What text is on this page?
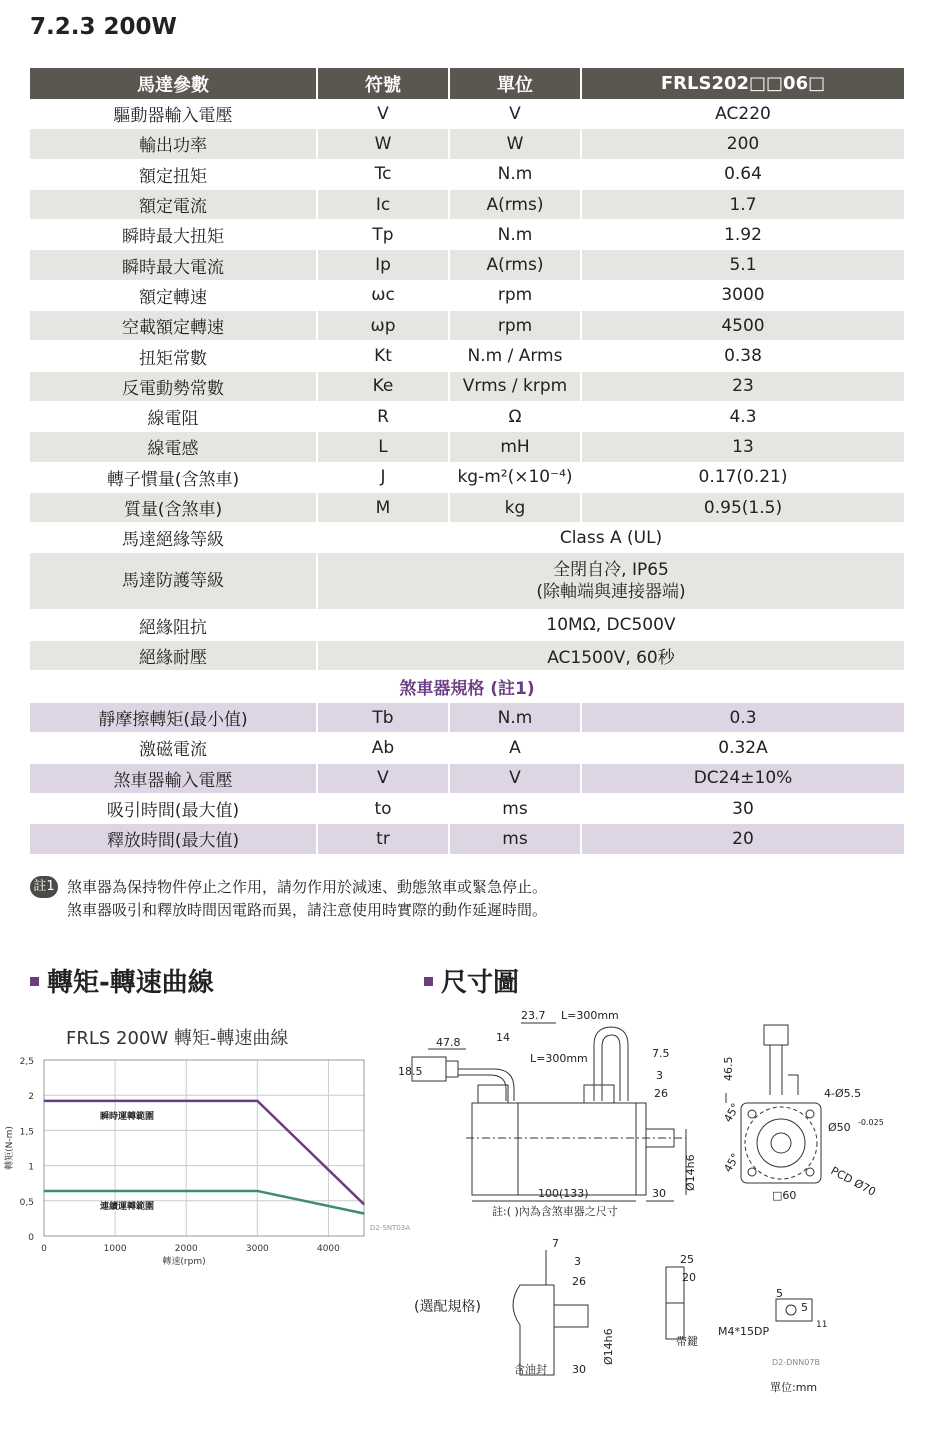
7.2.3 200W
馬達參數	符號	單位	FRLS202□□06□
驅動器輸入電壓	V	V	AC220
輸出功率	W	W	200
額定扭矩	Tc	N.m	0.64
額定電流	Ic	A(rms)	1.7
瞬時最大扭矩	Tp	N.m	1.92
瞬時最大電流	Ip	A(rms)	5.1
額定轉速	ωc	rpm	3000
空載額定轉速	ωp	rpm	4500
扭矩常數	Kt	N.m / Arms	0.38
反電動勢常數	Ke	Vrms / krpm	23
線電阻	R	Ω	4.3
線電感	L	mH	13
轉子慣量(含煞車)	J	kg-m²(×10⁻⁴)	0.17(0.21)
質量(含煞車)	M	kg	0.95(1.5)
馬達絕緣等級	Class A (UL)		
馬達防護等級	全閉自冷, IP65
(除軸端與連接器端)		

絕緣阻抗	10MΩ, DC500V		
絕緣耐壓	AC1500V, 60秒		
煞車器規格 (註1)			
靜摩擦轉矩(最小值)	Tb	N.m	0.3
激磁電流	Ab	A	0.32A
煞車器輸入電壓	V	V	DC24±10%
吸引時間(最大值)	to	ms	30
釋放時間(最大值)	tr	ms	20
註1 煞車器為保持物件停止之作用，請勿作用於減速、動態煞車或緊急停止。
煞車器吸引和釋放時間因電路而異，請注意使用時實際的動作延遲時間。
轉矩-轉速曲線	尺寸圖
FRLS 200W 轉矩-轉速曲線
0
0,5
1
1,5
2
2,5
0	1000	2000	3000	4000
瞬時運轉範圍
連續運轉範圍
轉速(rpm)
轉矩(N-m)
D2-SNT03A
23.7 L=300mm
L=300mm
47.8	14
18.5
7.5
3
26
100(133)	30
Ø14h6
註:( )內為含煞車器之尺寸
46.5
4-Ø5.5
Ø50 -0.025
PCD Ø70
□60
45°
45°
(選配規格)
7
3
26
Ø14h6
含油封 30
25
20
帶鍵
5
5
11
M4*15DP
D2-DNN07B
單位:mm
